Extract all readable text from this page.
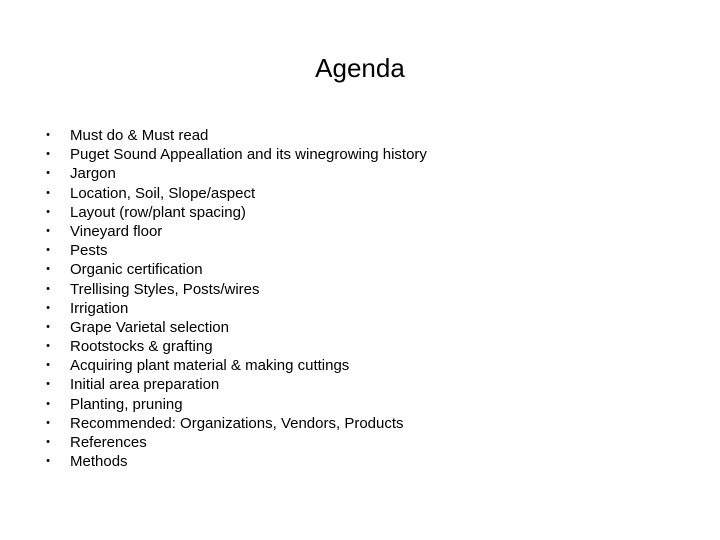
Agenda
•	Must do & Must read
•	Puget Sound Appeallation and its winegrowing history
•	Jargon
•	Location, Soil, Slope/aspect
•	Layout (row/plant spacing)
•	Vineyard floor
•	Pests
•	Organic certification
•	Trellising Styles, Posts/wires
•	Irrigation
•	Grape Varietal selection
•	Rootstocks & grafting
•	Acquiring plant material & making cuttings
•	Initial area preparation
•	Planting, pruning
•	Recommended: Organizations, Vendors, Products
•	References
•	Methods
